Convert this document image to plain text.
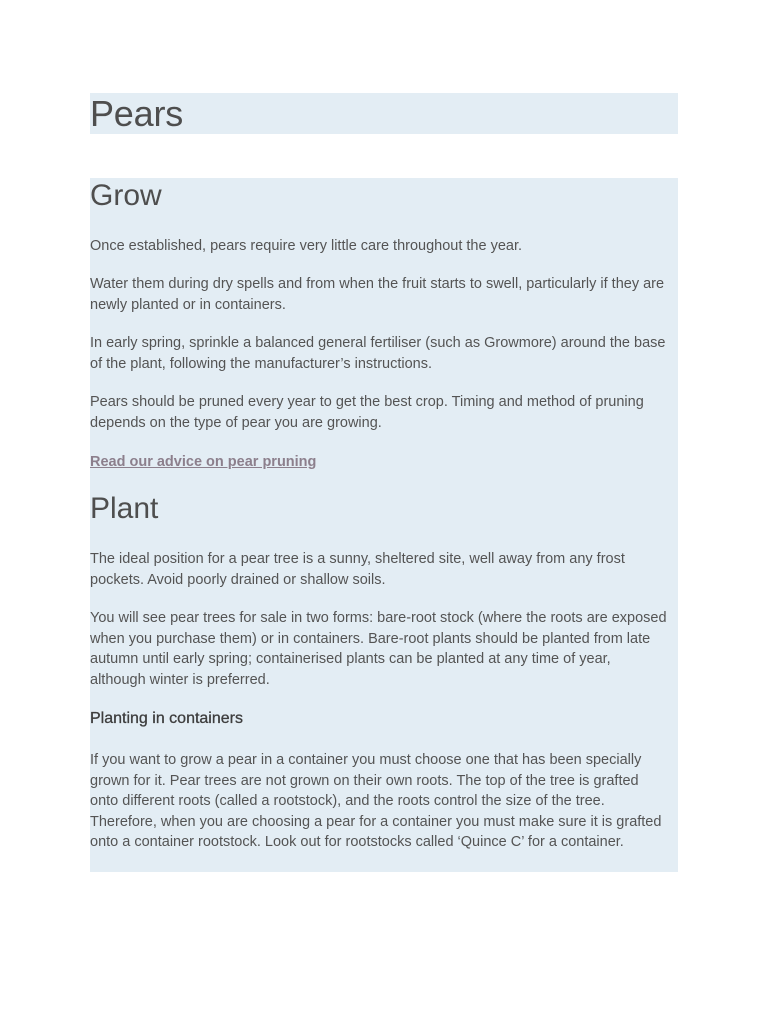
Pears
Grow

Once established, pears require very little care throughout the year.

Water them during dry spells and from when the fruit starts to swell, particularly if they are newly planted or in containers.

In early spring, sprinkle a balanced general fertiliser (such as Growmore) around the base of the plant, following the manufacturer’s instructions.

Pears should be pruned every year to get the best crop. Timing and method of pruning depends on the type of pear you are growing.

Read our advice on pear pruning
Plant

The ideal position for a pear tree is a sunny, sheltered site, well away from any frost pockets. Avoid poorly drained or shallow soils.

You will see pear trees for sale in two forms: bare-root stock (where the roots are exposed when you purchase them) or in containers. Bare-root plants should be planted from late autumn until early spring; containerised plants can be planted at any time of year, although winter is preferred.

Planting in containers

If you want to grow a pear in a container you must choose one that has been specially grown for it. Pear trees are not grown on their own roots. The top of the tree is grafted onto different roots (called a rootstock), and the roots control the size of the tree. Therefore, when you are choosing a pear for a container you must make sure it is grafted onto a container rootstock. Look out for rootstocks called ‘Quince C’ for a container.
